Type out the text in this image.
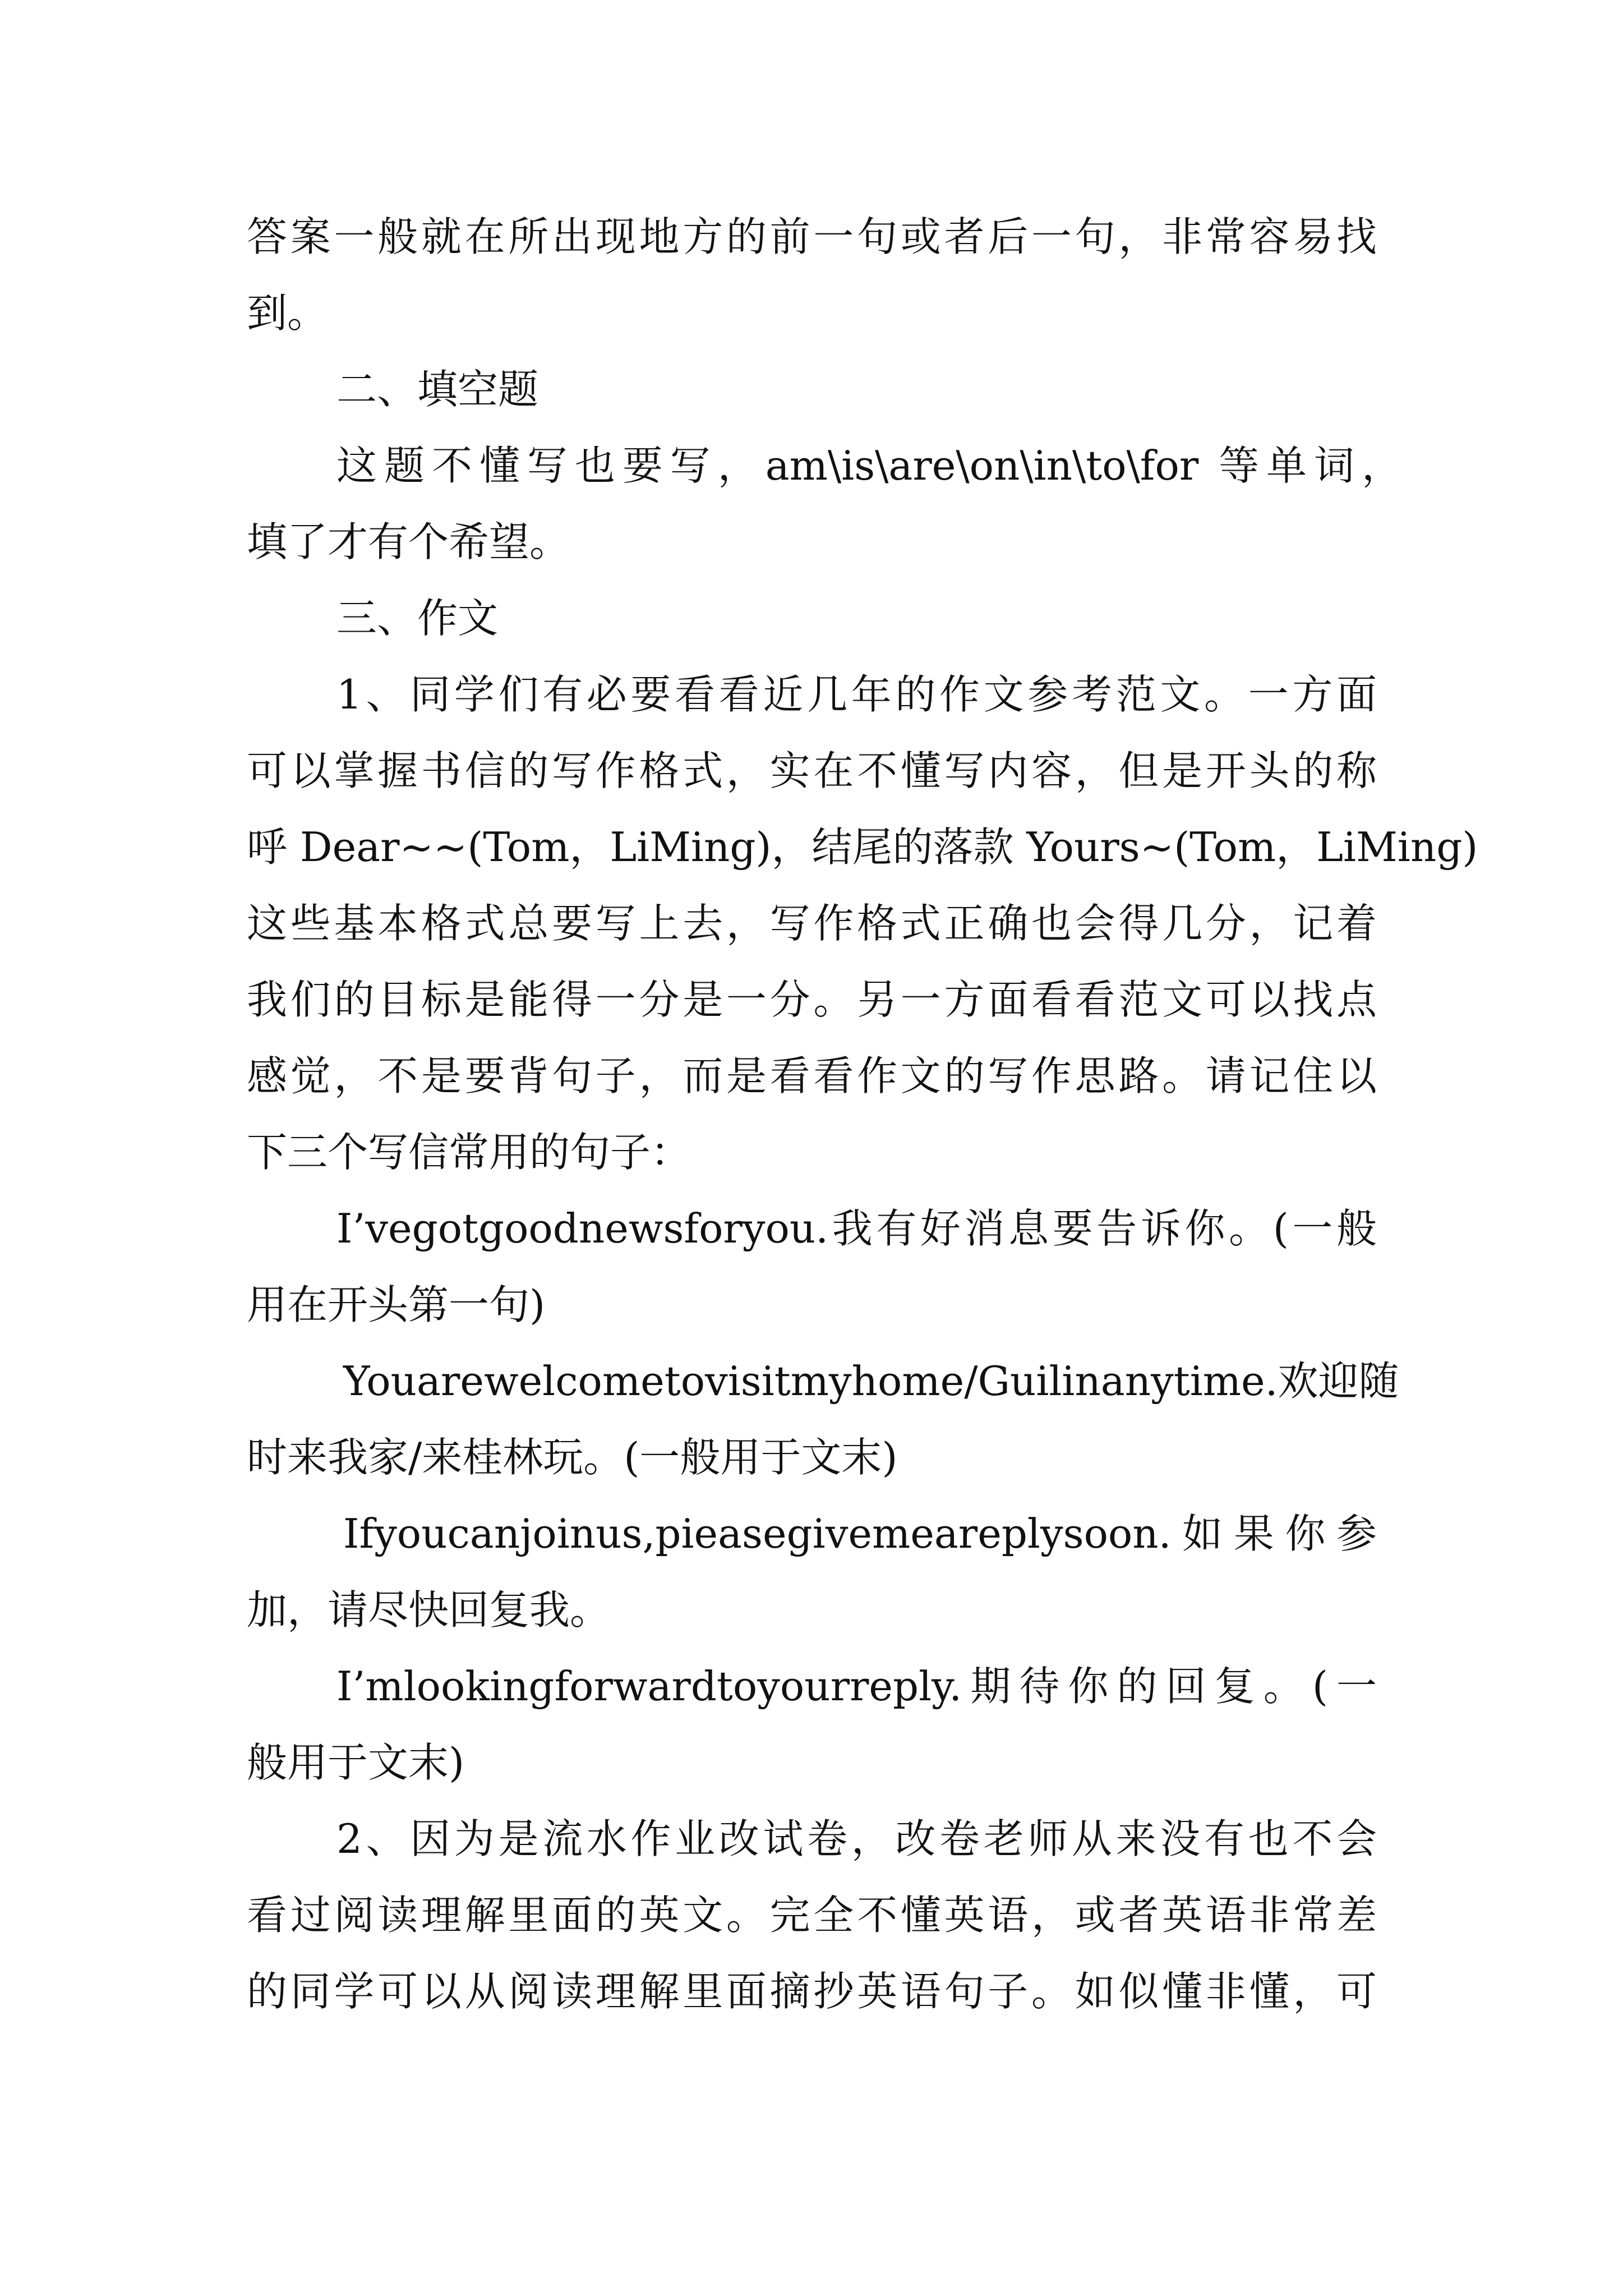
答案一般就在所出现地方的前一句或者后一句，非常容易找

到。

二、填空题

这题不懂写也要写，am\is\are\on\in\to\for 等单词，

填了才有个希望。

三、作文

1、同学们有必要看看近几年的作文参考范文。一方面

可以掌握书信的写作格式，实在不懂写内容，但是开头的称

呼 Dear~~(Tom，LiMing)，结尾的落款 Yours~(Tom，LiMing)

这些基本格式总要写上去，写作格式正确也会得几分，记着

我们的目标是能得一分是一分。另一方面看看范文可以找点

感觉，不是要背句子，而是看看作文的写作思路。请记住以

下三个写信常用的句子：

I’vegotgoodnewsforyou.我有好消息要告诉你。(一般

用在开头第一句)

Youarewelcometovisitmyhome/Guilinanytime.欢迎随

时来我家/来桂林玩。(一般用于文末)

Ifyoucanjoinus,pieasegivemeareplysoon.如果你参

加，请尽快回复我。

I’mlookingforwardtoyourreply.期待你的回复。(一

般用于文末)

2、因为是流水作业改试卷，改卷老师从来没有也不会

看过阅读理解里面的英文。完全不懂英语，或者英语非常差

的同学可以从阅读理解里面摘抄英语句子。如似懂非懂，可
